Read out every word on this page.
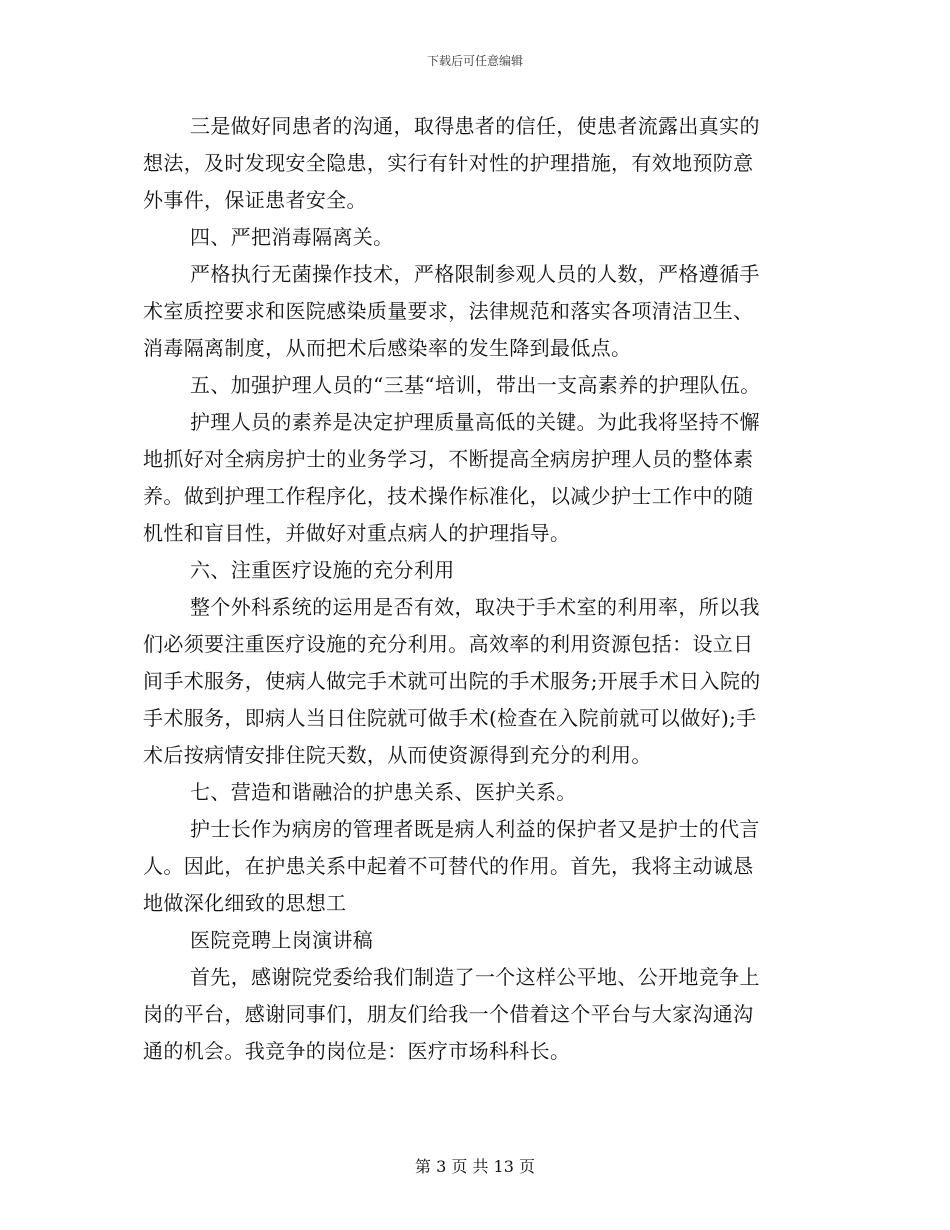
下载后可任意编辑
三是做好同患者的沟通，取得患者的信任，使患者流露出真实的
想法，及时发现安全隐患，实行有针对性的护理措施，有效地预防意
外事件，保证患者安全。
四、严把消毒隔离关。
严格执行无菌操作技术，严格限制参观人员的人数，严格遵循手
术室质控要求和医院感染质量要求，法律规范和落实各项清洁卫生、
消毒隔离制度，从而把术后感染率的发生降到最低点。
五、加强护理人员的“三基“培训，带出一支高素养的护理队伍。
护理人员的素养是决定护理质量高低的关键。为此我将坚持不懈
地抓好对全病房护士的业务学习，不断提高全病房护理人员的整体素
养。做到护理工作程序化，技术操作标准化，以减少护士工作中的随
机性和盲目性，并做好对重点病人的护理指导。
六、注重医疗设施的充分利用
整个外科系统的运用是否有效，取决于手术室的利用率，所以我
们必须要注重医疗设施的充分利用。高效率的利用资源包括：设立日
间手术服务，使病人做完手术就可出院的手术服务;开展手术日入院的
手术服务，即病人当日住院就可做手术(检查在入院前就可以做好);手
术后按病情安排住院天数，从而使资源得到充分的利用。
七、营造和谐融洽的护患关系、医护关系。
护士长作为病房的管理者既是病人利益的保护者又是护士的代言
人。因此，在护患关系中起着不可替代的作用。首先，我将主动诚恳
地做深化细致的思想工
医院竞聘上岗演讲稿
首先，感谢院党委给我们制造了一个这样公平地、公开地竞争上
岗的平台，感谢同事们，朋友们给我一个借着这个平台与大家沟通沟
通的机会。我竞争的岗位是：医疗市场科科长。
第 3 页 共 13 页
